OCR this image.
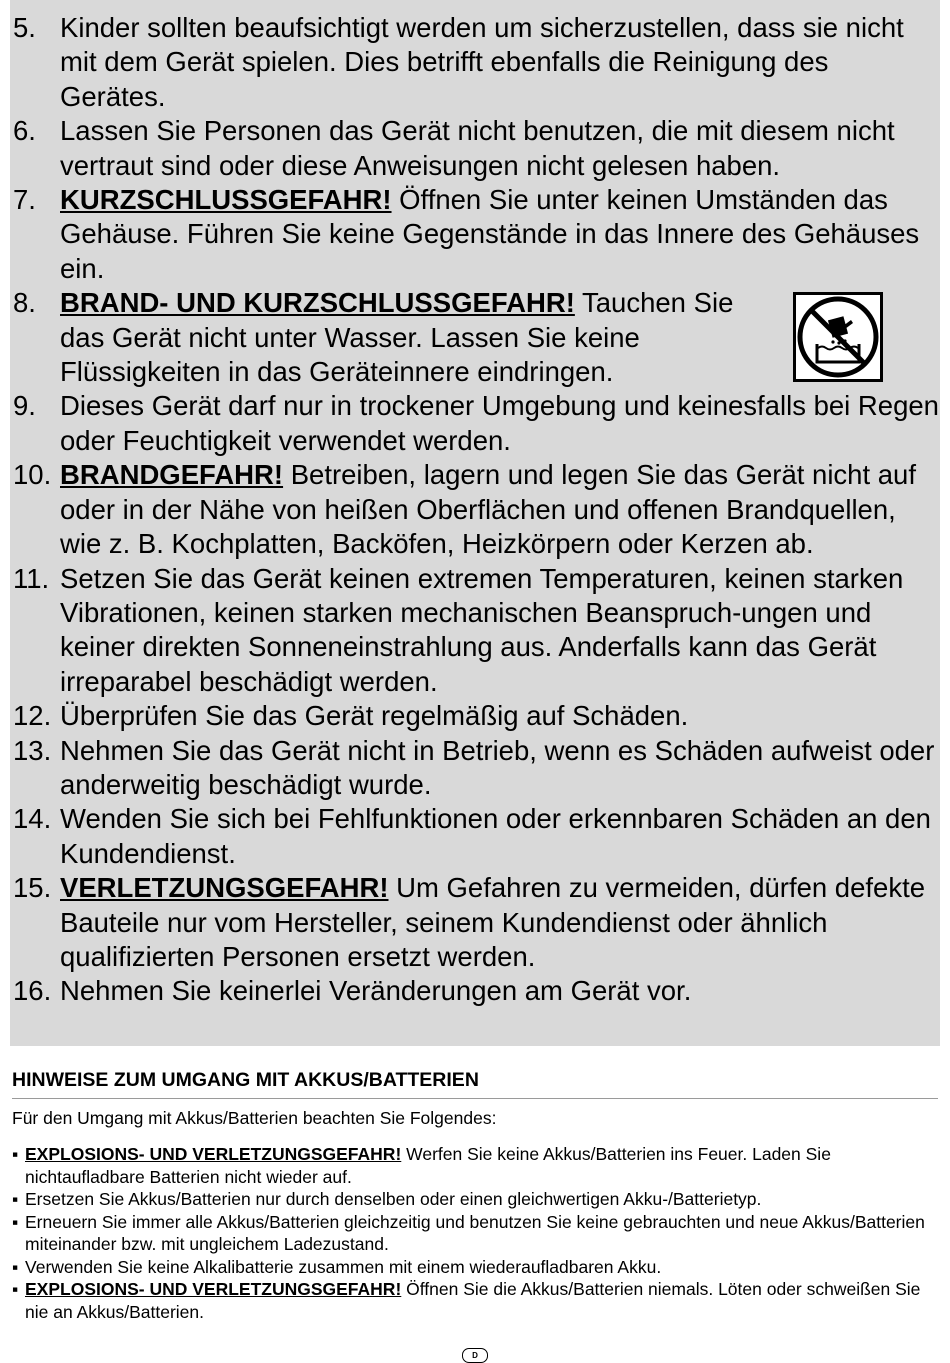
5. Kinder sollten beaufsichtigt werden um sicherzustellen, dass sie nicht mit dem Gerät spielen. Dies betrifft ebenfalls die Reinigung des Gerätes.
6. Lassen Sie Personen das Gerät nicht benutzen, die mit diesem nicht vertraut sind oder diese Anweisungen nicht gelesen haben.
7. KURZSCHLUSSGEFAHR! Öffnen Sie unter keinen Umständen das Gehäuse. Führen Sie keine Gegenstände in das Innere des Gehäuses ein.
8. BRAND- UND KURZSCHLUSSGEFAHR! Tauchen Sie das Gerät nicht unter Wasser. Lassen Sie keine Flüssigkeiten in das Geräteinnere eindringen.
9. Dieses Gerät darf nur in trockener Umgebung und keinesfalls bei Regen oder Feuchtigkeit verwendet werden.
10. BRANDGEFAHR! Betreiben, lagern und legen Sie das Gerät nicht auf oder in der Nähe von heißen Oberflächen und offenen Brandquellen, wie z. B. Kochplatten, Backöfen, Heizkörpern oder Kerzen ab.
11. Setzen Sie das Gerät keinen extremen Temperaturen, keinen starken Vibrationen, keinen starken mechanischen Beanspruch-ungen und keiner direkten Sonneneinstrahlung aus. Anderfalls kann das Gerät irreparabel beschädigt werden.
12. Überprüfen Sie das Gerät regelmäßig auf Schäden.
13. Nehmen Sie das Gerät nicht in Betrieb, wenn es Schäden aufweist oder anderweitig beschädigt wurde.
14. Wenden Sie sich bei Fehlfunktionen oder erkennbaren Schäden an den Kundendienst.
15. VERLETZUNGSGEFAHR! Um Gefahren zu vermeiden, dürfen defekte Bauteile nur vom Hersteller, seinem Kundendienst oder ähnlich qualifizierten Personen ersetzt werden.
16. Nehmen Sie keinerlei Veränderungen am Gerät vor.
HINWEISE ZUM UMGANG MIT AKKUS/BATTERIEN
Für den Umgang mit Akkus/Batterien beachten Sie Folgendes:
▪ EXPLOSIONS- UND VERLETZUNGSGEFAHR! Werfen Sie keine Akkus/Batterien ins Feuer. Laden Sie nichtaufladbare Batterien nicht wieder auf.
▪ Ersetzen Sie Akkus/Batterien nur durch denselben oder einen gleichwertigen Akku-/Batterietyp.
▪ Erneuern Sie immer alle Akkus/Batterien gleichzeitig und benutzen Sie keine gebrauchten und neue Akkus/Batterien miteinander bzw. mit ungleichem Ladezustand.
▪ Verwenden Sie keine Alkalibatterie zusammen mit einem wiederaufladbaren Akku.
▪ EXPLOSIONS- UND VERLETZUNGSGEFAHR! Öffnen Sie die Akkus/Batterien niemals. Löten oder schweißen Sie nie an Akkus/Batterien.
D
